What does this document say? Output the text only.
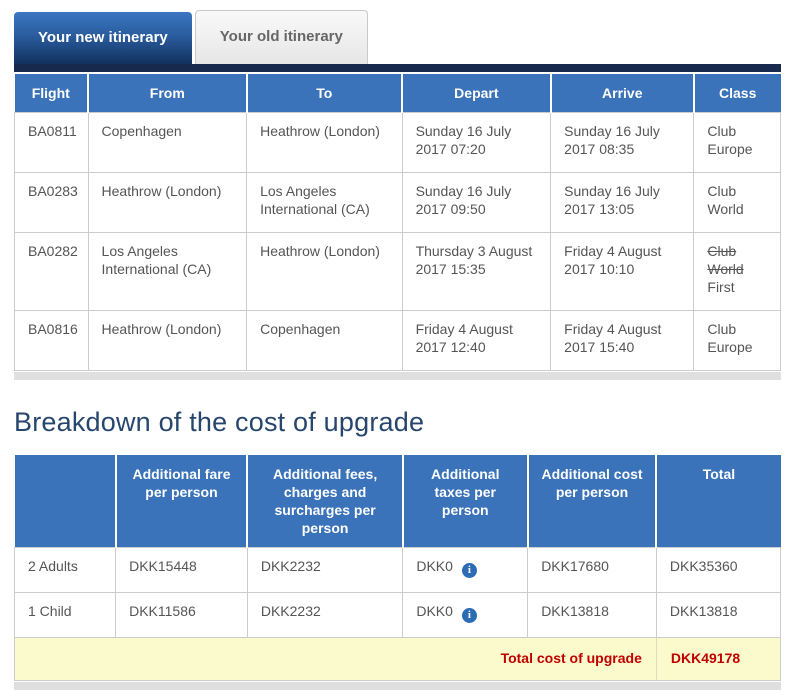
Your new itinerary	Your old itinerary
Flight	From	To	Depart	Arrive	Class
BA0811	Copenhagen	Heathrow (London)	Sunday 16 July 2017 07:20	Sunday 16 July 2017 08:35	Club Europe
BA0283	Heathrow (London)	Los Angeles International (CA)	Sunday 16 July 2017 09:50	Sunday 16 July 2017 13:05	Club World
BA0282	Los Angeles International (CA)	Heathrow (London)	Thursday 3 August 2017 15:35	Friday 4 August 2017 10:10	Club World First
BA0816	Heathrow (London)	Copenhagen	Friday 4 August 2017 12:40	Friday 4 August 2017 15:40	Club Europe
Breakdown of the cost of upgrade
	Additional fare per person	Additional fees, charges and surcharges per person	Additional taxes per person	Additional cost per person	Total
2 Adults	DKK15448	DKK2232	DKK0 i	DKK17680	DKK35360
1 Child	DKK11586	DKK2232	DKK0 i	DKK13818	DKK13818
Total cost of upgrade					DKK49178
